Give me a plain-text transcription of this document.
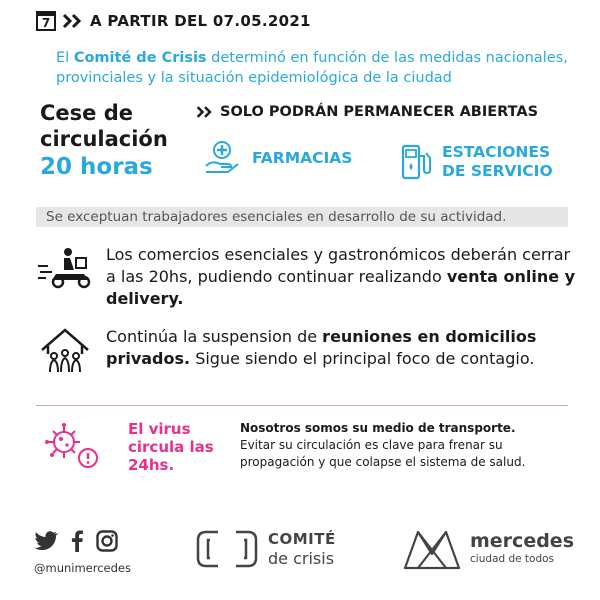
7	A PARTIR DEL 07.05.2021
El Comité de Crisis determinó en función de las medidas nacionales, provinciales y la situación epidemiológica de la ciudad
Cese de
circulación
20 horas
SOLO PODRÁN PERMANECER ABIERTAS
FARMACIAS	ESTACIONES
DE SERVICIO
Se exceptuan trabajadores esenciales en desarrollo de su actividad.
Los comercios esenciales y gastronómicos deberán cerrar a las 20hs, pudiendo continuar realizando venta online y delivery.
Continúa la suspension de reuniones en domicilios privados. Sigue siendo el principal foco de contagio.
El virus
circula las
24hs.
Nosotros somos su medio de transporte.
Evitar su circulación es clave para frenar su propagación y que colapse el sistema de salud.
@munimercedes
COMITÉ
de crisis
mercedes
ciudad de todos
